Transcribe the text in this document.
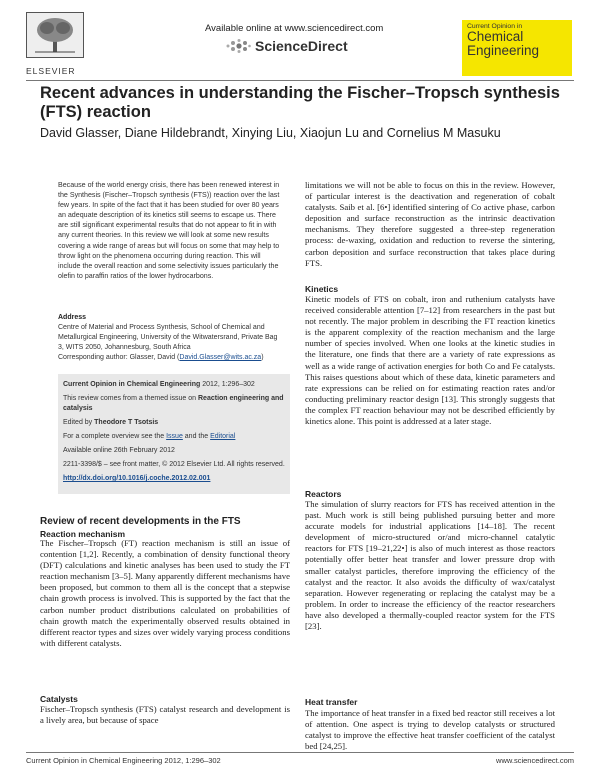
ELSEVIER
Available online at www.sciencedirect.com
ScienceDirect
Current Opinion in
Chemical Engineering
Recent advances in understanding the Fischer–Tropsch synthesis (FTS) reaction
David Glasser, Diane Hildebrandt, Xinying Liu, Xiaojun Lu and Cornelius M Masuku
Because of the world energy crisis, there has been renewed interest in the Synthesis (Fischer–Tropsch synthesis (FTS)) reaction over the last few years. In spite of the fact that it has been studied for over 80 years an adequate description of its kinetics still seems to escape us. There are still significant experimental results that do not appear to fit in with any current theories. In this review we will look at some new results covering a wide range of areas but will focus on some that may help to throw light on the phenomena occurring during reaction. This will include the overall reaction and some selectivity issues particularly the olefin to paraffin ratios of the lower hydrocarbons.
Address
Centre of Material and Process Synthesis, School of Chemical and Metallurgical Engineering, University of the Witwatersrand, Private Bag 3, WITS 2050, Johannesburg, South Africa
Corresponding author: Glasser, David (David.Glasser@wits.ac.za)

Current Opinion in Chemical Engineering 2012, 1:296–302

This review comes from a themed issue on Reaction engineering and catalysis

Edited by Theodore T Tsotsis

For a complete overview see the Issue and the Editorial

Available online 26th February 2012

2211-3398/$ – see front matter, © 2012 Elsevier Ltd. All rights reserved.

http://dx.doi.org/10.1016/j.coche.2012.02.001

Review of recent developments in the FTS
Reaction mechanism
The Fischer–Tropsch (FT) reaction mechanism is still an issue of contention [1,2]. Recently, a combination of density functional theory (DFT) calculations and kinetic analyses has been used to study the FT reaction mechanism [3–5]. Many apparently different mechanisms have been proposed, but common to them all is the concept that a stepwise chain growth process is involved. This is supported by the fact that the carbon number product distributions calculated on probabilities of chain growth match the experimentally observed results obtained in different reactor types and sizes over widely varying process conditions with different catalysts.
Catalysts
Fischer–Tropsch synthesis (FTS) catalyst research and development is a lively area, but because of space
limitations we will not be able to focus on this in the review. However, of particular interest is the deactivation and regeneration of cobalt catalysts. Saib et al. [6•] identified sintering of Co active phase, carbon deposition and surface reconstruction as the intrinsic deactivation mechanisms. They therefore suggested a three-step regeneration process: de-waxing, oxidation and reduction to reverse the sintering, carbon deposition and surface reconstruction that takes place during FTS.
Kinetics
Kinetic models of FTS on cobalt, iron and ruthenium catalysts have received considerable attention [7–12] from researchers in the past but not recently. The major problem in describing the FT reaction kinetics is the apparent complexity of the reaction mechanism and the large number of species involved. When one looks at the kinetic studies in the literature, one finds that there are a variety of rate expressions as well as a wide range of activation energies for both Co and Fe catalysts. This raises questions about which of these data, kinetic parameters and rate expressions can be relied on for estimating reaction rates and/or conducting preliminary reactor design [13]. This strongly suggests that the complex FT reaction behaviour may not be described efficiently by kinetics alone. This point is addressed at a later stage.
Reactors
The simulation of slurry reactors for FTS has received attention in the past. Much work is still being published pursuing better and more accurate models for industrial applications [14–18]. The recent development of micro-structured or/and micro-channel catalytic reactors for FTS [19–21,22•] is also of much interest as those reactors potentially offer better heat transfer and lower pressure drop with smaller catalyst particles, therefore improving the efficiency of the catalyst and the reactor. It also avoids the difficulty of wax/catalyst separation. However regenerating or replacing the catalyst may be a problem. In order to increase the efficiency of the reactor researchers have also developed a thermally-coupled reactor system for the FTS [23].
Heat transfer
The importance of heat transfer in a fixed bed reactor still receives a lot of attention. One aspect is trying to develop catalysts or structured catalyst to improve the effective heat transfer coefficient of the catalyst bed [24,25].
Current Opinion in Chemical Engineering 2012, 1:296–302	www.sciencedirect.com
